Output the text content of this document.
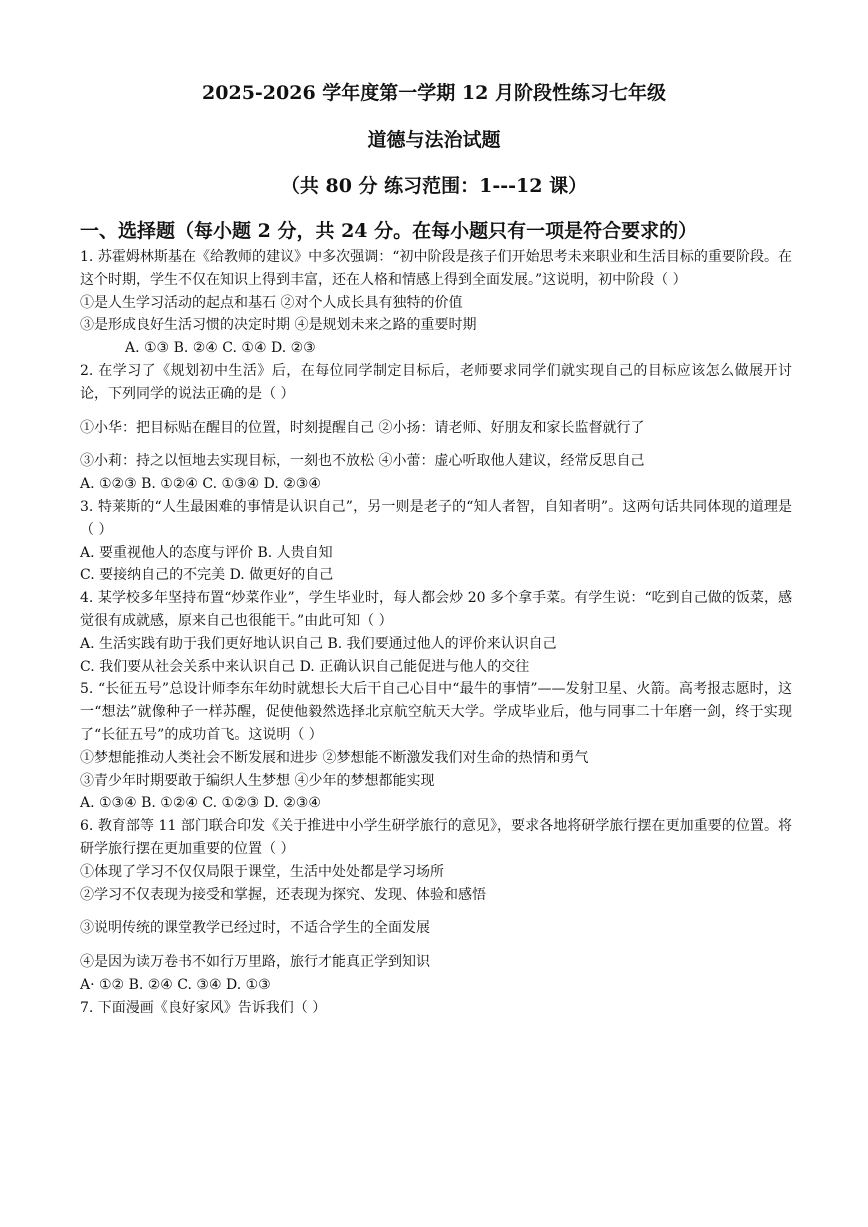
2025-2026 学年度第一学期 12 月阶段性练习七年级
道德与法治试题
（共 80 分 练习范围：1---12 课）
一、选择题（每小题 2 分，共 24 分。在每小题只有一项是符合要求的）

1. 苏霍姆林斯基在《给教师的建议》中多次强调：“初中阶段是孩子们开始思考未来职业和生活目标的重要阶段。在这个时期，学生不仅在知识上得到丰富，还在人格和情感上得到全面发展。”这说明，初中阶段（ ）

①是人生学习活动的起点和基石 ②对个人成长具有独特的价值

③是形成良好生活习惯的决定时期 ④是规划未来之路的重要时期

A. ①③ B. ②④ C. ①④ D. ②③

2. 在学习了《规划初中生活》后，在每位同学制定目标后，老师要求同学们就实现自己的目标应该怎么做展开讨论，下列同学的说法正确的是（ ）

①小华：把目标贴在醒目的位置，时刻提醒自己 ②小扬：请老师、好朋友和家长监督就行了

③小莉：持之以恒地去实现目标，一刻也不放松 ④小蕾：虚心听取他人建议，经常反思自己

A. ①②③ B. ①②④ C. ①③④ D. ②③④

3. 特莱斯的“人生最困难的事情是认识自己”，另一则是老子的“知人者智，自知者明”。这两句话共同体现的道理是（ ）

A. 要重视他人的态度与评价 B. 人贵自知

C. 要接纳自己的不完美 D. 做更好的自己

4. 某学校多年坚持布置“炒菜作业”，学生毕业时，每人都会炒 20 多个拿手菜。有学生说：“吃到自己做的饭菜，感觉很有成就感，原来自己也很能干。”由此可知（ ）

A. 生活实践有助于我们更好地认识自己 B. 我们要通过他人的评价来认识自己

C. 我们要从社会关系中来认识自己 D. 正确认识自己能促进与他人的交往

5. “长征五号”总设计师李东年幼时就想长大后干自己心目中“最牛的事情”——发射卫星、火箭。高考报志愿时，这一“想法”就像种子一样苏醒，促使他毅然选择北京航空航天大学。学成毕业后，他与同事二十年磨一剑，终于实现了“长征五号”的成功首飞。这说明（ ）

①梦想能推动人类社会不断发展和进步 ②梦想能不断激发我们对生命的热情和勇气

③青少年时期要敢于编织人生梦想 ④少年的梦想都能实现

A. ①③④ B. ①②④ C. ①②③ D. ②③④

6. 教育部等 11 部门联合印发《关于推进中小学生研学旅行的意见》，要求各地将研学旅行摆在更加重要的位置。将研学旅行摆在更加重要的位置（ ）

①体现了学习不仅仅局限于课堂，生活中处处都是学习场所

②学习不仅表现为接受和掌握，还表现为探究、发现、体验和感悟

③说明传统的课堂教学已经过时，不适合学生的全面发展

④是因为读万卷书不如行万里路，旅行才能真正学到知识

A· ①② B. ②④ C. ③④ D. ①③

7. 下面漫画《良好家风》告诉我们（ ）
